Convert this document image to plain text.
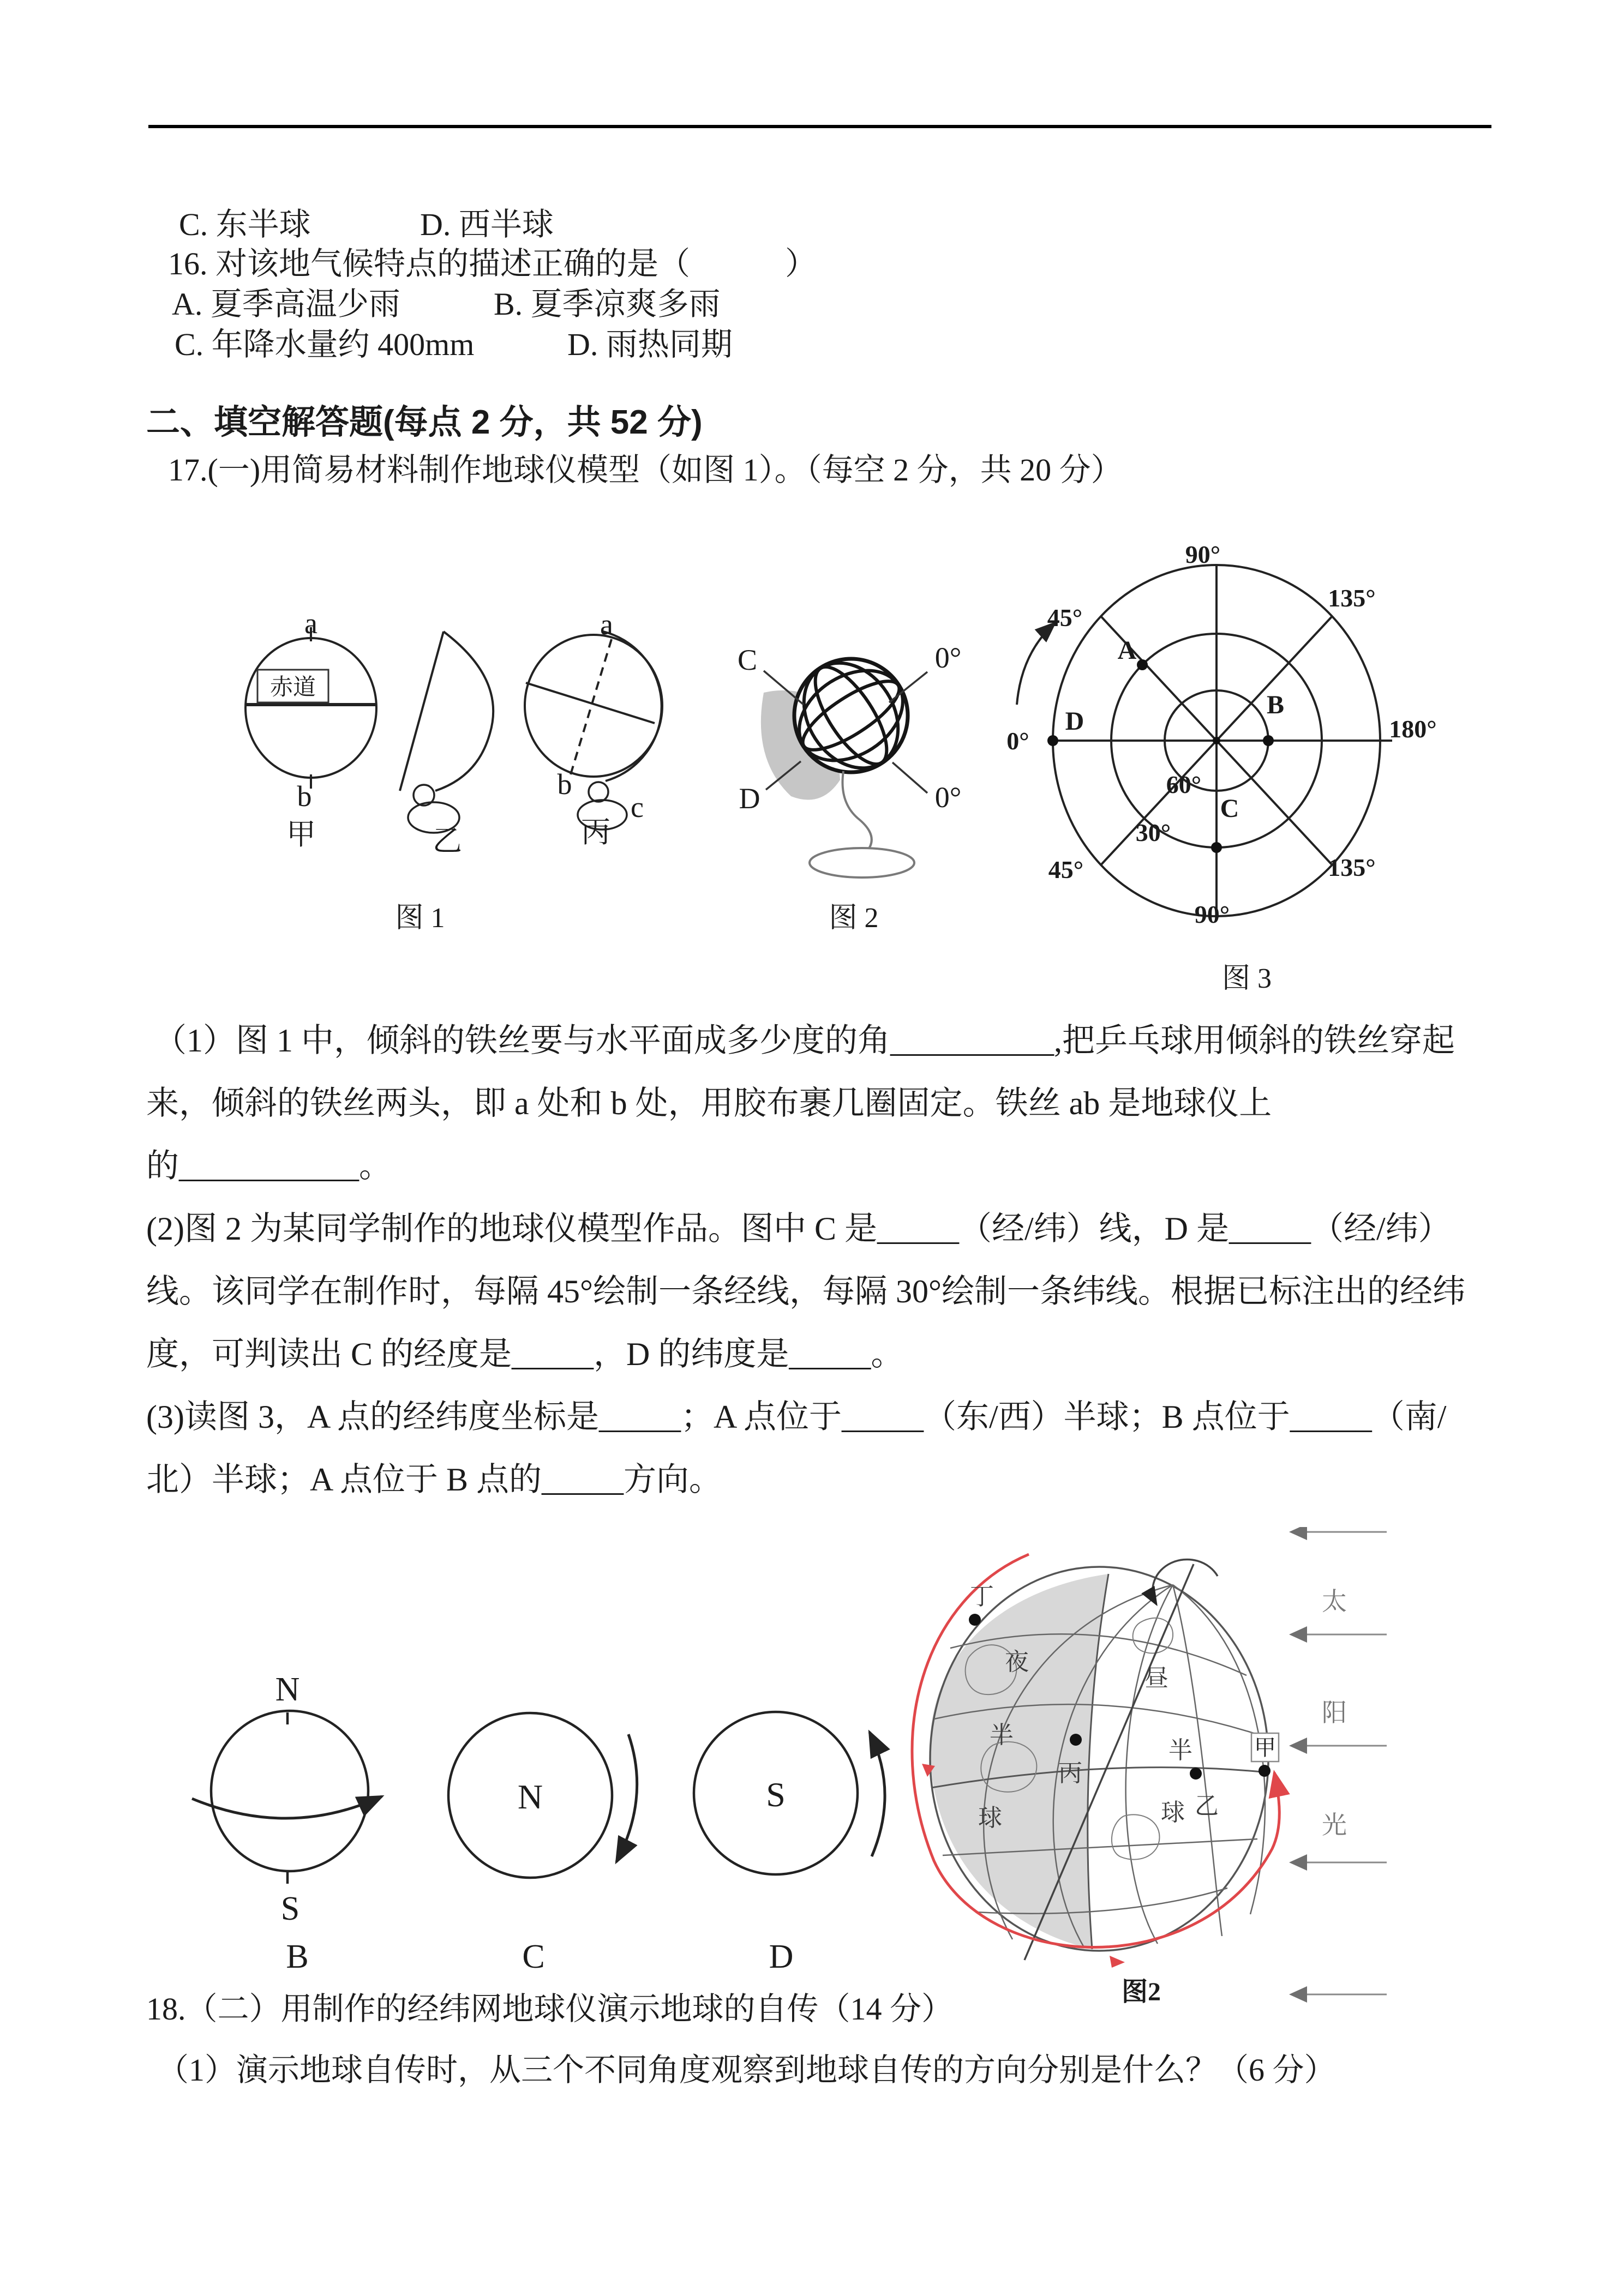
C. 东半球	D. 西半球
16. 对该地气候特点的描述正确的是（　　　）
A. 夏季高温少雨	B. 夏季凉爽多雨
C. 年降水量约 400mm	D. 雨热同期
二、填空解答题(每点 2 分，共 52 分)
17.(一)用简易材料制作地球仪模型（如图 1）。（每空 2 分，共 20 分）
赤道
a
b
甲	乙
a
b
c
丙
图 1
C	0°
D	0°
图 2
90°
135°
45°
0°	180°
45°	135°
90°
30°
60°
A
B
C
D
图 3
（1）图 1 中，倾斜的铁丝要与水平面成多少度的角__________,把乒乓球用倾斜的铁丝穿起
来，倾斜的铁丝两头，即 a 处和 b 处，用胶布裹几圈固定。铁丝 ab 是地球仪上
的___________。
(2)图 2 为某同学制作的地球仪模型作品。图中 C 是_____（经/纬）线，D 是_____（经/纬）
线。该同学在制作时，每隔 45°绘制一条经线，每隔 30°绘制一条纬线。根据已标注出的经纬
度，可判读出 C 的经度是_____，D 的纬度是_____。
(3)读图 3，A 点的经纬度坐标是_____；A 点位于_____（东/西）半球；B 点位于_____（南/
北）半球；A 点位于 B 点的_____方向。
N
S
B
N
C
S
D
丁
夜
半
球
昼
半
球
丙
乙
甲
太
阳
光
图2
18.（二）用制作的经纬网地球仪演示地球的自传（14 分）
（1）演示地球自传时，从三个不同角度观察到地球自传的方向分别是什么？（6 分）
